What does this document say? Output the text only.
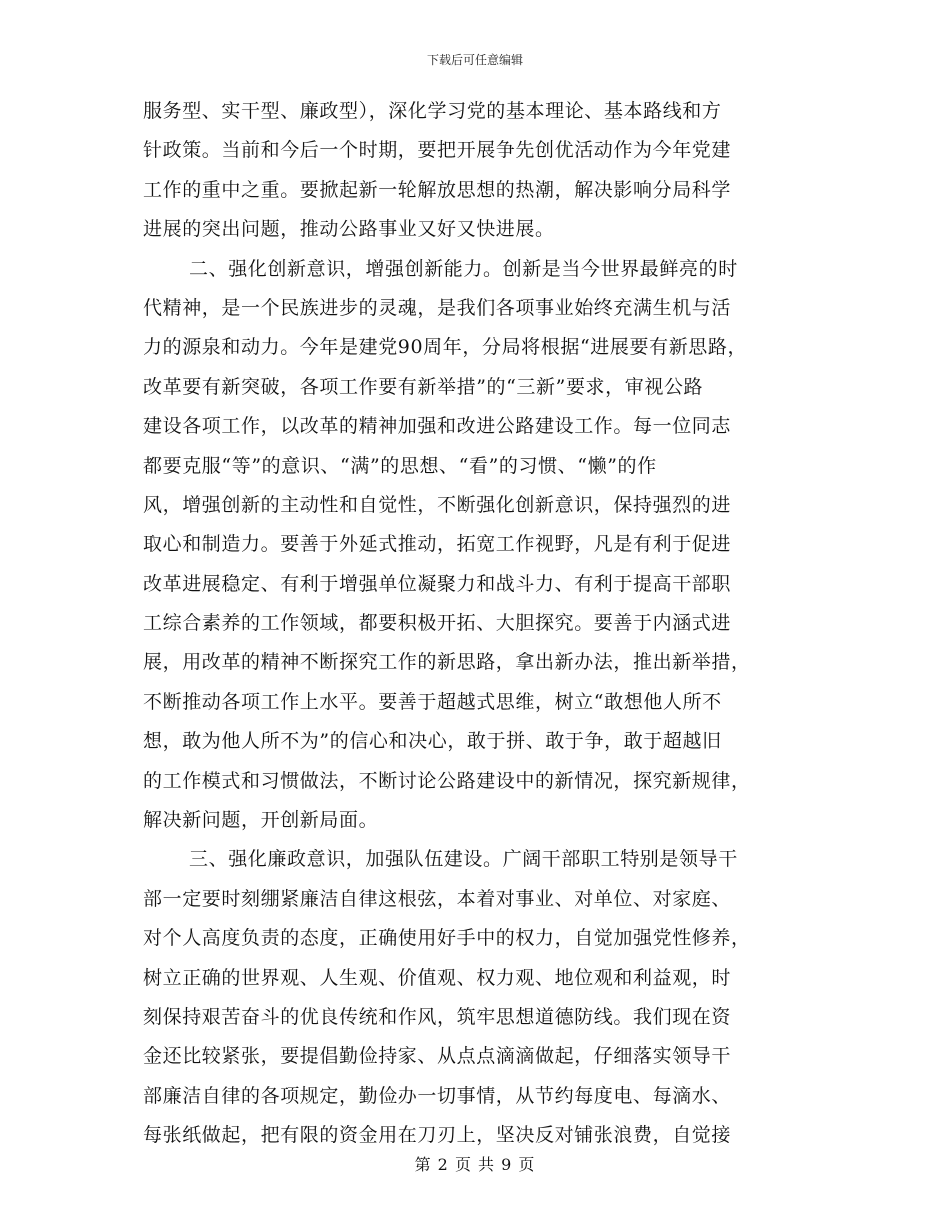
下载后可任意编辑
服务型、实干型、廉政型），深化学习党的基本理论、基本路线和方
针政策。当前和今后一个时期，要把开展争先创优活动作为今年党建
工作的重中之重。要掀起新一轮解放思想的热潮，解决影响分局科学
进展的突出问题，推动公路事业又好又快进展。
二、强化创新意识，增强创新能力。创新是当今世界最鲜亮的时
代精神，是一个民族进步的灵魂，是我们各项事业始终充满生机与活
力的源泉和动力。今年是建党90周年，分局将根据“进展要有新思路，
改革要有新突破，各项工作要有新举措”的“三新”要求，审视公路
建设各项工作，以改革的精神加强和改进公路建设工作。每一位同志
都要克服“等”的意识、“满”的思想、“看”的习惯、“懒”的作
风，增强创新的主动性和自觉性，不断强化创新意识，保持强烈的进
取心和制造力。要善于外延式推动，拓宽工作视野，凡是有利于促进
改革进展稳定、有利于增强单位凝聚力和战斗力、有利于提高干部职
工综合素养的工作领域，都要积极开拓、大胆探究。要善于内涵式进
展，用改革的精神不断探究工作的新思路，拿出新办法，推出新举措，
不断推动各项工作上水平。要善于超越式思维，树立“敢想他人所不
想，敢为他人所不为”的信心和决心，敢于拼、敢于争，敢于超越旧
的工作模式和习惯做法，不断讨论公路建设中的新情况，探究新规律，
解决新问题，开创新局面。
三、强化廉政意识，加强队伍建设。广阔干部职工特别是领导干
部一定要时刻绷紧廉洁自律这根弦，本着对事业、对单位、对家庭、
对个人高度负责的态度，正确使用好手中的权力，自觉加强党性修养，
树立正确的世界观、人生观、价值观、权力观、地位观和利益观，时
刻保持艰苦奋斗的优良传统和作风，筑牢思想道德防线。我们现在资
金还比较紧张，要提倡勤俭持家、从点点滴滴做起，仔细落实领导干
部廉洁自律的各项规定，勤俭办一切事情，从节约每度电、每滴水、
每张纸做起，把有限的资金用在刀刃上，坚决反对铺张浪费，自觉接
第 2 页 共 9 页
